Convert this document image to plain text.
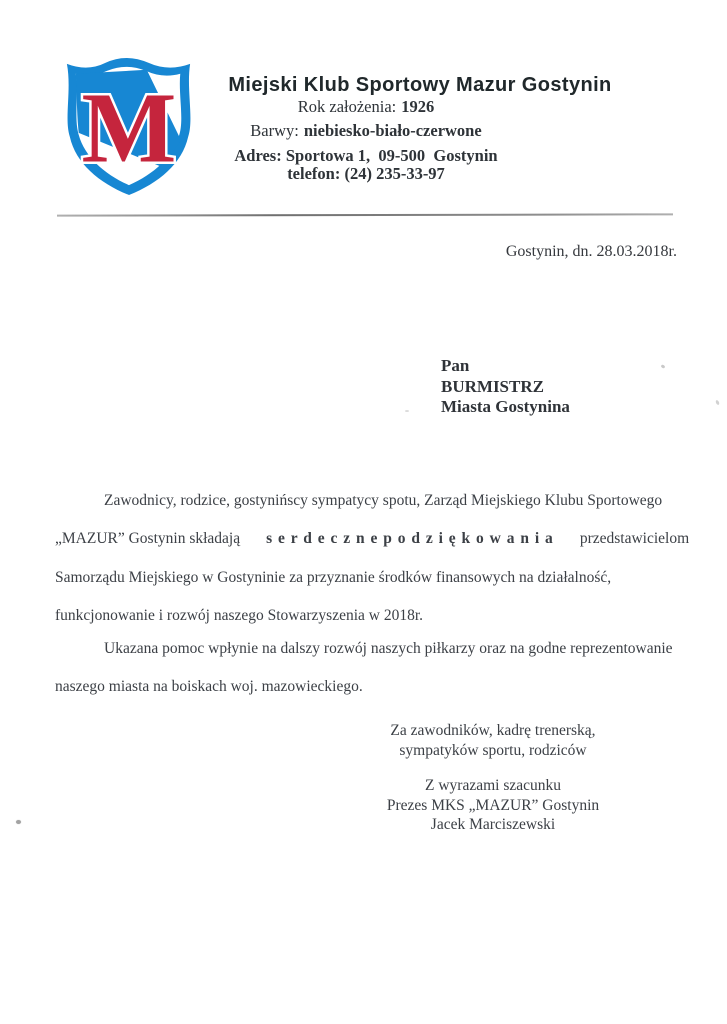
M	Miejski Klub Sportowy Mazur Gostynin
Rok założenia: 1926
Barwy: niebiesko-biało-czerwone
Adres: Sportowa 1,  09-500  Gostynin
telefon: (24) 235-33-97
Gostynin, dn. 28.03.2018r.
Pan
BURMISTRZ
Miasta Gostynina
Zawodnicy, rodzice, gostynińscy sympatycy spotu, Zarząd Miejskiego Klubu Sportowego
„MAZUR” Gostynin składają s e r d e c z n e p o d z i ę k o w a n i a przedstawicielom
Samorządu Miejskiego w Gostyninie za przyznanie środków finansowych na działalność,
funkcjonowanie i rozwój naszego Stowarzyszenia w 2018r.
Ukazana pomoc wpłynie na dalszy rozwój naszych piłkarzy oraz na godne reprezentowanie
naszego miasta na boiskach woj. mazowieckiego.
Za zawodników, kadrę trenerską,
sympatyków sportu, rodziców
Z wyrazami szacunku
Prezes MKS „MAZUR” Gostynin
Jacek Marciszewski
